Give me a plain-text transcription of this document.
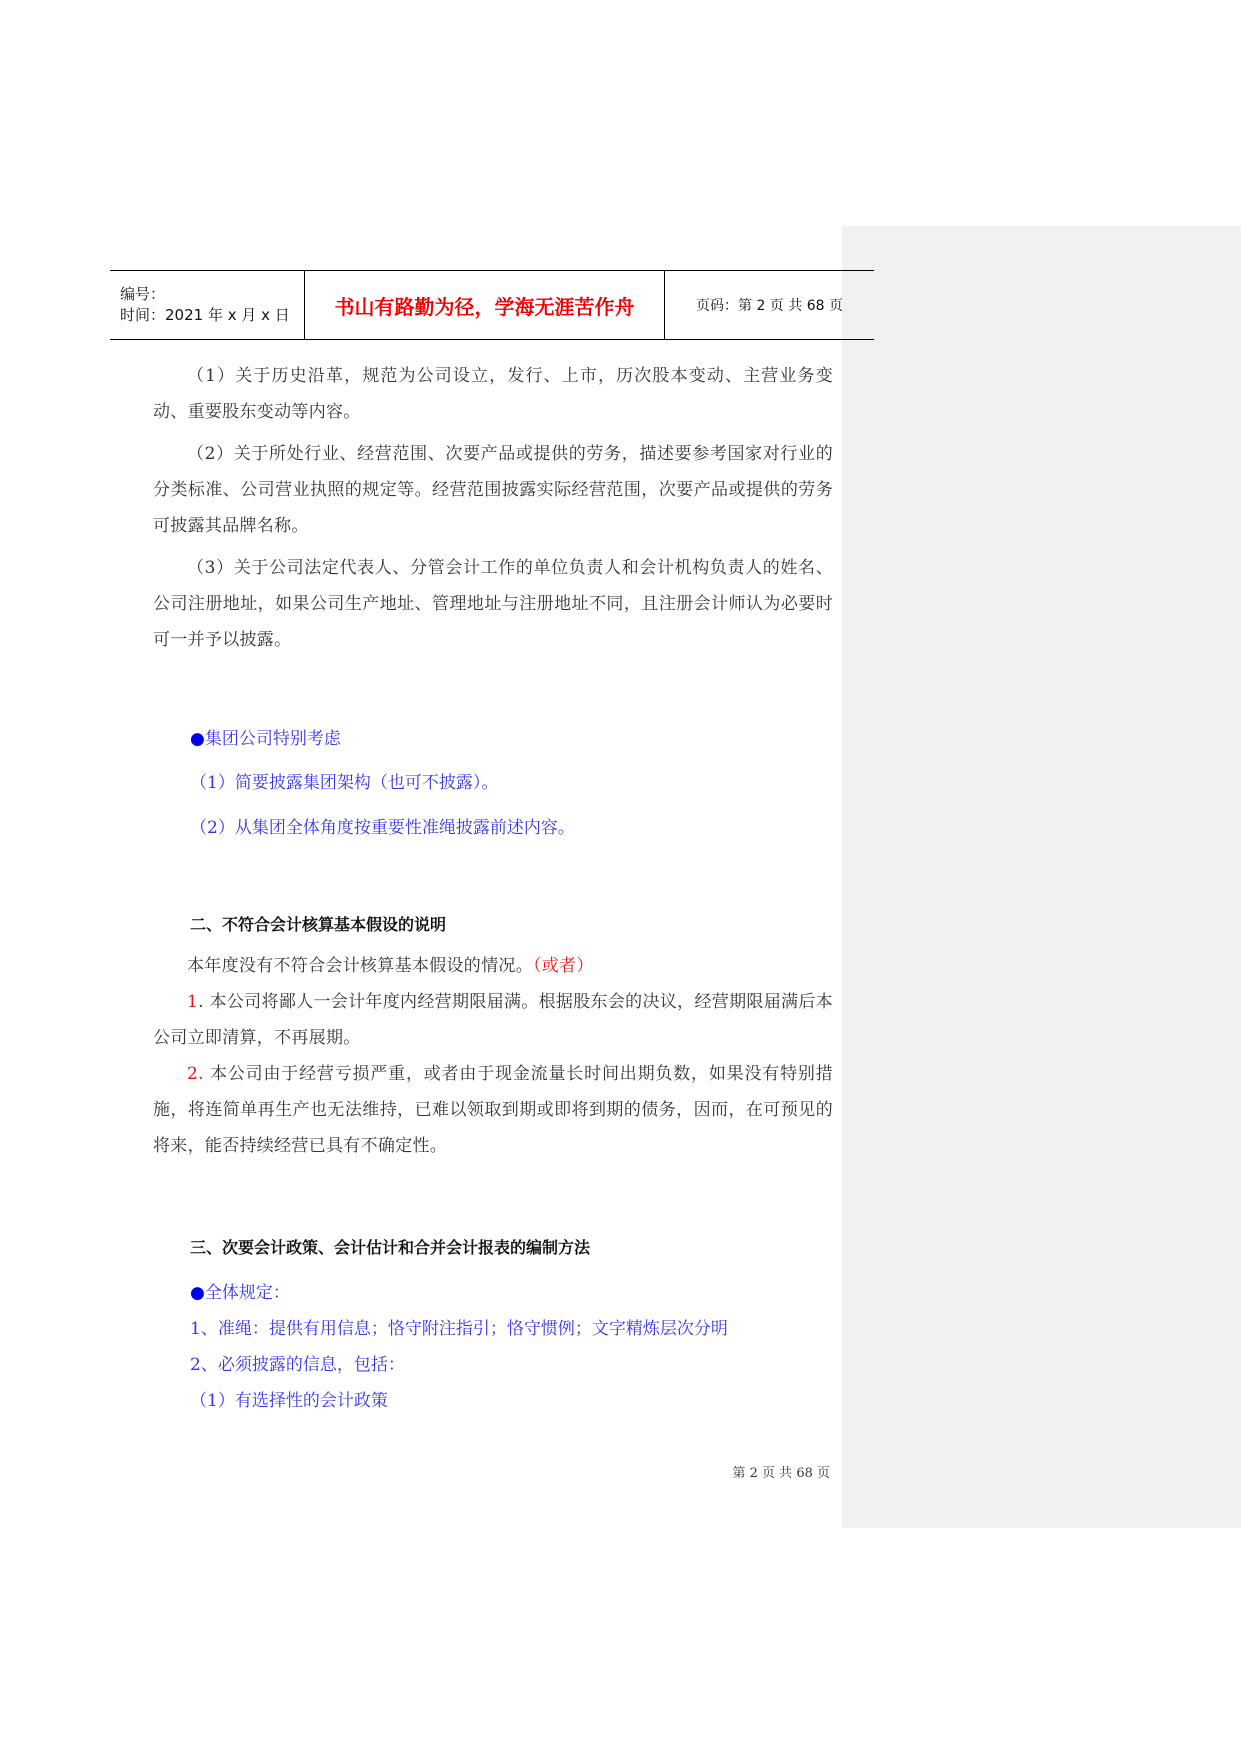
编号：
时间：2021 年 x 月 x 日	书山有路勤为径，学海无涯苦作舟	页码：第 2 页 共 68 页

（1）关于历史沿革，规范为公司设立，发行、上市，历次股本变动、主营业务变动、重要股东变动等内容。

（2）关于所处行业、经营范围、次要产品或提供的劳务，描述要参考国家对行业的分类标准、公司营业执照的规定等。经营范围披露实际经营范围，次要产品或提供的劳务可披露其品牌名称。

（3）关于公司法定代表人、分管会计工作的单位负责人和会计机构负责人的姓名、公司注册地址，如果公司生产地址、管理地址与注册地址不同，且注册会计师认为必要时可一并予以披露。

●集团公司特别考虑
（1）简要披露集团架构（也可不披露）。
（2）从集团全体角度按重要性准绳披露前述内容。
二、不符合会计核算基本假设的说明

本年度没有不符合会计核算基本假设的情况。（或者）

1. 本公司将鄙人一会计年度内经营期限届满。根据股东会的决议，经营期限届满后本公司立即清算，不再展期。

2. 本公司由于经营亏损严重，或者由于现金流量长时间出期负数，如果没有特别措施，将连简单再生产也无法维持，已难以领取到期或即将到期的债务，因而，在可预见的将来，能否持续经营已具有不确定性。

三、次要会计政策、会计估计和合并会计报表的编制方法
●全体规定：
1、准绳：提供有用信息；恪守附注指引；恪守惯例；文字精炼层次分明
2、必须披露的信息，包括：
（1）有选择性的会计政策
第 2 页 共 68 页
